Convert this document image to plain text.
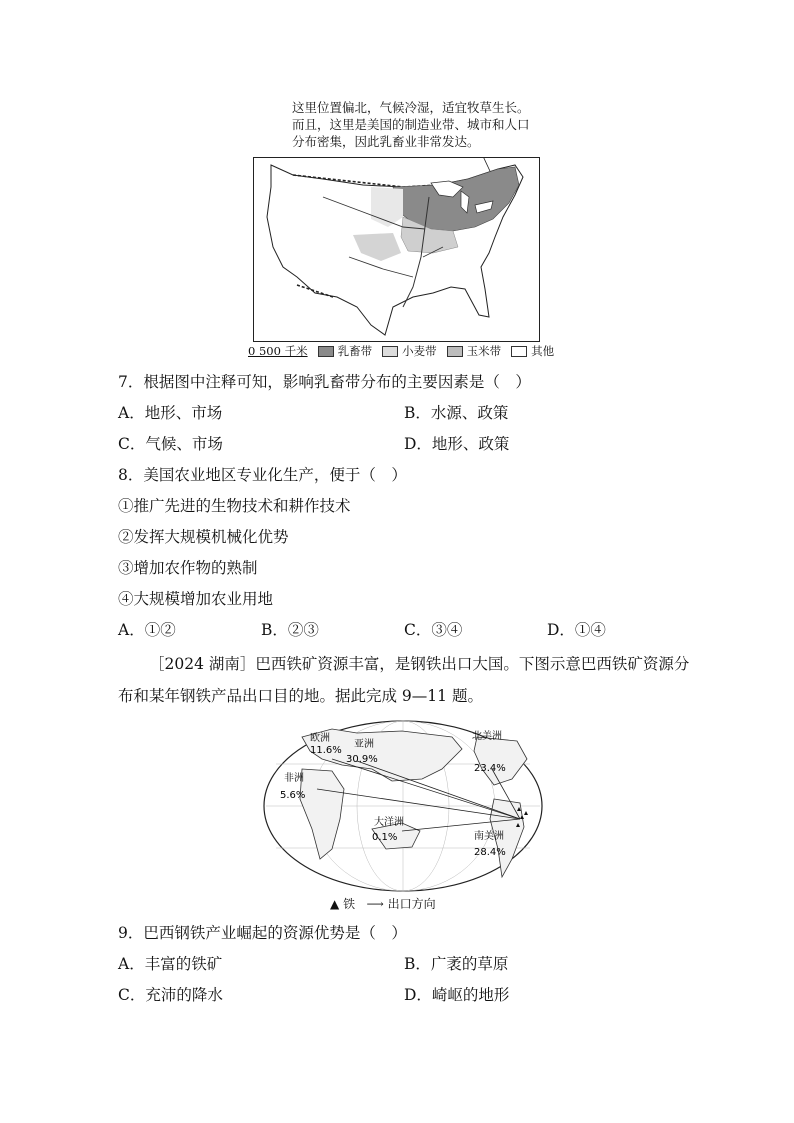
这里位置偏北，气候冷湿，适宜牧草生长。
而且，这里是美国的制造业带、城市和人口
分布密集，因此乳畜业非常发达。
0 500 千米	乳畜带	小麦带	玉米带	其他
7．根据图中注释可知，影响乳畜带分布的主要因素是（　）
A．地形、市场	B．水源、政策
C．气候、市场	D．地形、政策
8．美国农业地区专业化生产，便于（　）
①推广先进的生物技术和耕作技术
②发挥大规模机械化优势
③增加农作物的熟制
④大规模增加农业用地
A．①②	B．②③	C．③④	D．①④
［2024 湖南］巴西铁矿资源丰富，是钢铁出口大国。下图示意巴西铁矿资源分
布和某年钢铁产品出口目的地。据此完成 9—11 题。
欧洲
11.6%
亚洲
30.9%
北美洲
23.4%
非洲
5.6%
大洋洲
0.1%	南美洲
28.4%
▲ 铁 ⟶ 出口方向
9．巴西钢铁产业崛起的资源优势是（　）
A．丰富的铁矿	B．广袤的草原
C．充沛的降水	D．崎岖的地形
